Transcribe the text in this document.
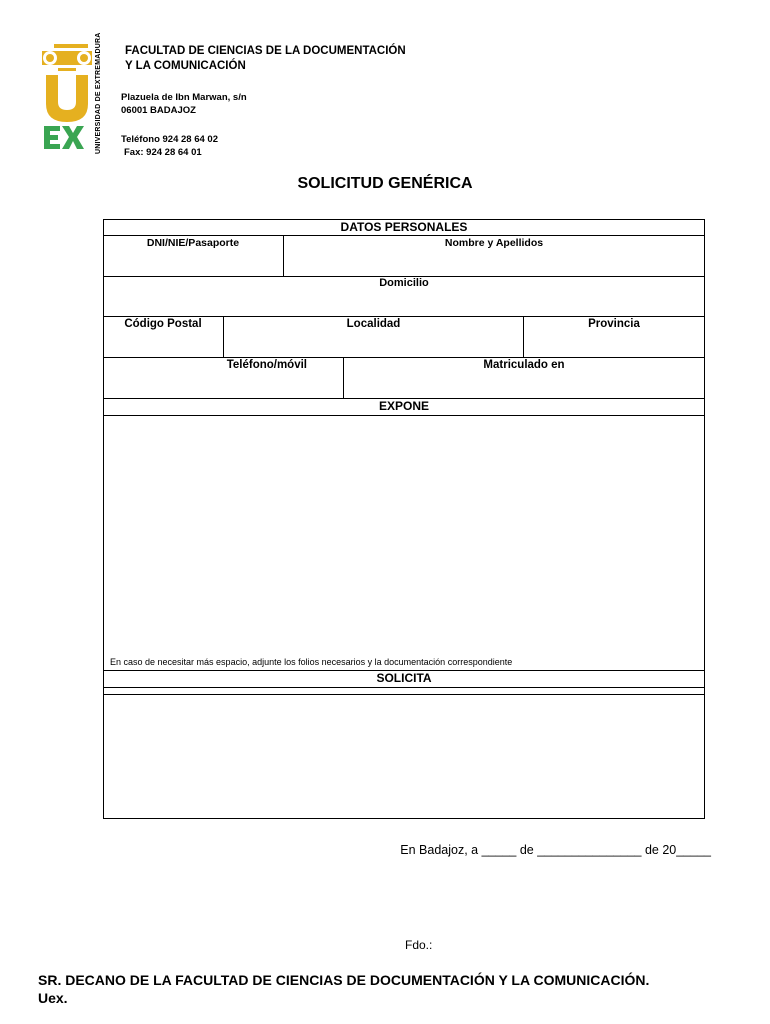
UNIVERSIDAD DE EXTREMADURA FACULTAD DE CIENCIAS DE LA DOCUMENTACIÓN
Y LA COMUNICACIÓN
Plazuela de Ibn Marwan, s/n
06001 BADAJOZ
Teléfono 924 28 64 02
Fax: 924 28 64 01
SOLICITUD GENÉRICA
DATOS PERSONALES
DNI/NIE/Pasaporte	Nombre y Apellidos
Domicilio
Código Postal	Localidad	Provincia
Teléfono/móvil	Matriculado en
EXPONE
En caso de necesitar más espacio, adjunte los folios necesarios y la documentación correspondiente
SOLICITA
En Badajoz, a _____ de _______________ de 20_____
Fdo.:
SR. DECANO DE LA FACULTAD DE CIENCIAS DE DOCUMENTACIÓN Y LA COMUNICACIÓN.
Uex.
